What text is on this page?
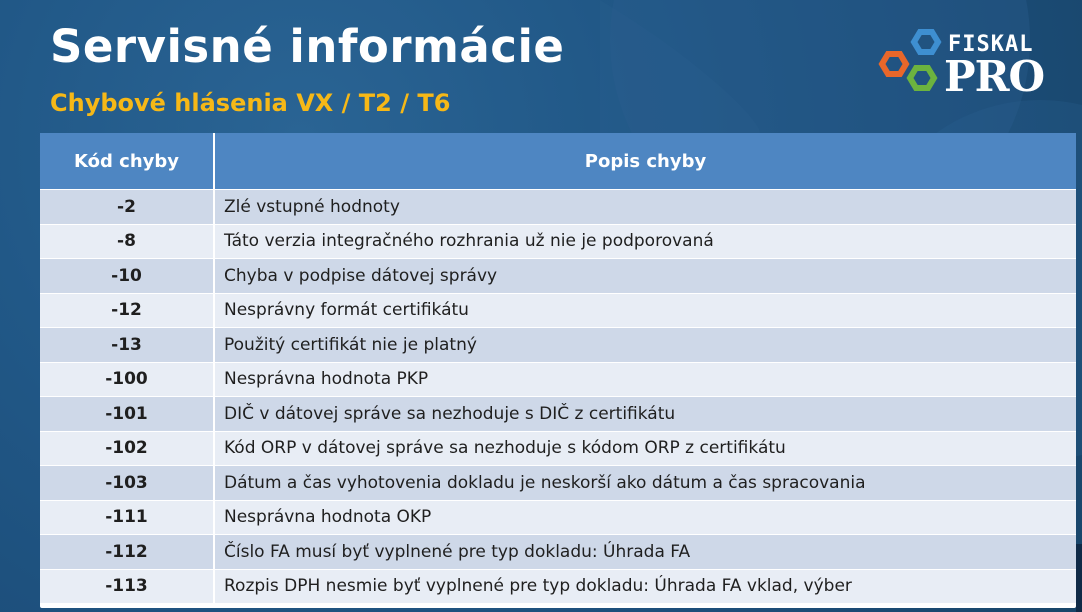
Servisné informácie
Chybové hlásenia VX / T2 / T6
FISKAL
PRO
Kód chyby	Popis chyby
-2	Zlé vstupné hodnoty
-8	Táto verzia integračného rozhrania už nie je podporovaná
-10	Chyba v podpise dátovej správy
-12	Nesprávny formát certifikátu
-13	Použitý certifikát nie je platný
-100	Nesprávna hodnota PKP
-101	DIČ v dátovej správe sa nezhoduje s DIČ z certifikátu
-102	Kód ORP v dátovej správe sa nezhoduje s kódom ORP z certifikátu
-103	Dátum a čas vyhotovenia dokladu je neskorší ako dátum a čas spracovania
-111	Nesprávna hodnota OKP
-112	Číslo FA musí byť vyplnené pre typ dokladu: Úhrada FA
-113	Rozpis DPH nesmie byť vyplnené pre typ dokladu: Úhrada FA vklad, výber
